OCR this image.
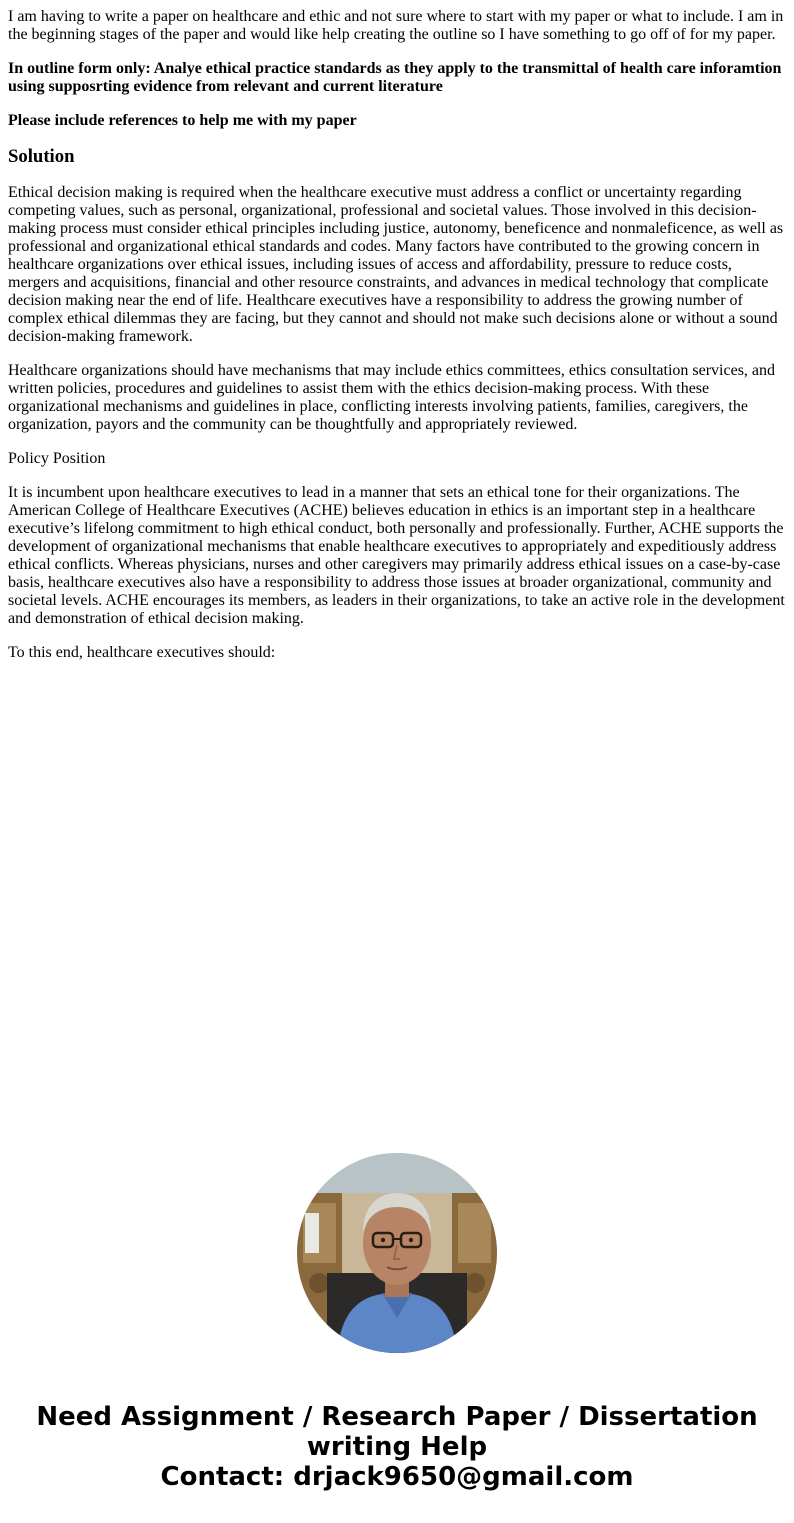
I am having to write a paper on healthcare and ethic and not sure where to start with my paper or what to include. I am in the beginning stages of the paper and would like help creating the outline so I have something to go off of for my paper.

In outline form only: Analye ethical practice standards as they apply to the transmittal of health care inforamtion using supposrting evidence from relevant and current literature

Please include references to help me with my paper

Solution

Ethical decision making is required when the healthcare executive must address a conflict or uncertainty regarding competing values, such as personal, organizational, professional and societal values. Those involved in this decision-making process must consider ethical principles including justice, autonomy, beneficence and nonmaleficence, as well as professional and organizational ethical standards and codes. Many factors have contributed to the growing concern in healthcare organizations over ethical issues, including issues of access and affordability, pressure to reduce costs, mergers and acquisitions, financial and other resource constraints, and advances in medical technology that complicate decision making near the end of life. Healthcare executives have a responsibility to address the growing number of complex ethical dilemmas they are facing, but they cannot and should not make such decisions alone or without a sound decision-making framework.

Healthcare organizations should have mechanisms that may include ethics committees, ethics consultation services, and written policies, procedures and guidelines to assist them with the ethics decision-making process. With these organizational mechanisms and guidelines in place, conflicting interests involving patients, families, caregivers, the organization, payors and the community can be thoughtfully and appropriately reviewed.

Policy Position

It is incumbent upon healthcare executives to lead in a manner that sets an ethical tone for their organizations. The American College of Healthcare Executives (ACHE) believes education in ethics is an important step in a healthcare executive’s lifelong commitment to high ethical conduct, both personally and professionally. Further, ACHE supports the development of organizational mechanisms that enable healthcare executives to appropriately and expeditiously address ethical conflicts. Whereas physicians, nurses and other caregivers may primarily address ethical issues on a case-by-case basis, healthcare executives also have a responsibility to address those issues at broader organizational, community and societal levels. ACHE encourages its members, as leaders in their organizations, to take an active role in the development and demonstration of ethical decision making.

To this end, healthcare executives should:

Need Assignment / Research Paper / Dissertation
writing Help
Contact: drjack9650@gmail.com
